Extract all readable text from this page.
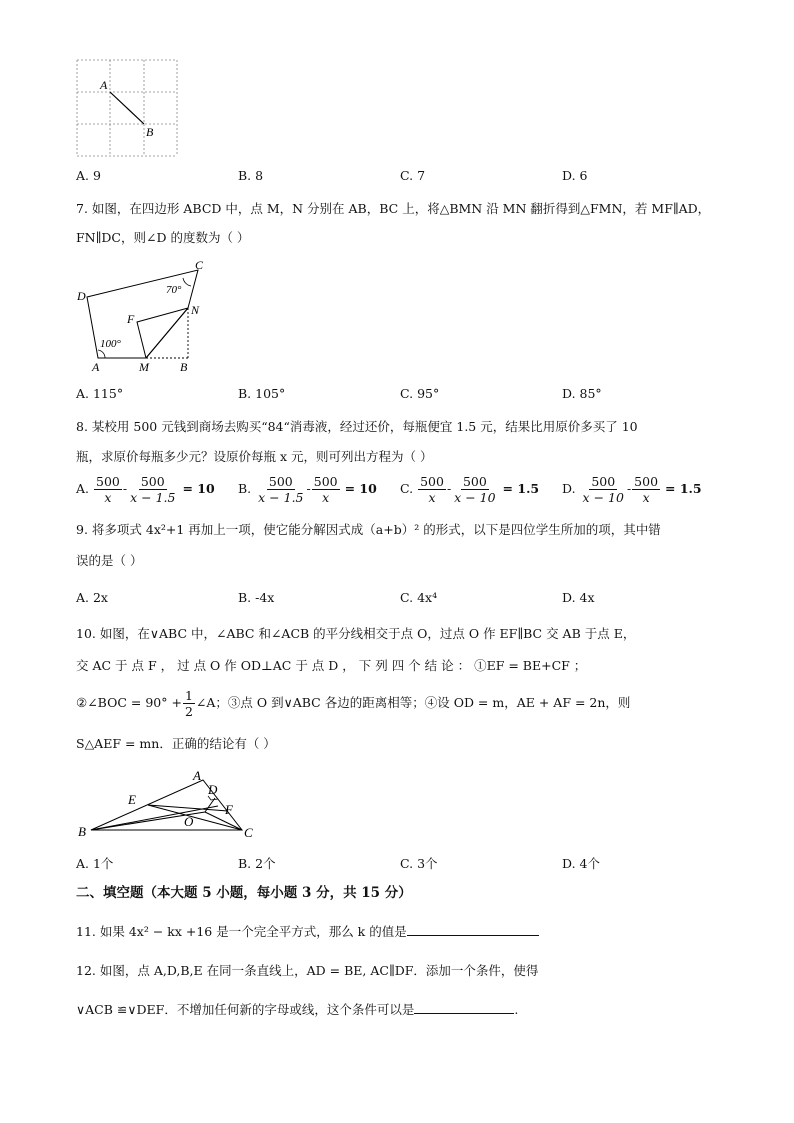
A
B
A. 9	B. 8	C. 7	D. 6
7. 如图，在四边形 ABCD 中，点 M，N 分别在 AB，BC 上，将△BMN 沿 MN 翻折得到△FMN，若 MF∥AD，
FN∥DC，则∠D 的度数为（ ）
D
C
N
F
A	M	B
100°
70°
A. 115°	B. 105°	C. 95°	D. 85°
8. 某校用 500 元钱到商场去购买“84“消毒液，经过还价，每瓶便宜 1.5 元，结果比用原价多买了 10
瓶，求原价每瓶多少元？设原价每瓶 x 元，则可列出方程为（ ）
A. $\frac{500}{x} - \frac{500}{x - 1.5} = 10$ B. $\frac{500}{x - 1.5} - \frac{500}{x} = 10$ C. $\frac{500}{x} - \frac{500}{x - 10} = 1.5$ D. $\frac{500}{x - 10} - \frac{500}{x} = 1.5$
9. 将多项式 4x²+1 再加上一项，使它能分解因式成（a+b）² 的形式，以下是四位学生所加的项，其中错
误的是（ ）
A. 2x	B. -4x	C. 4x⁴	D. 4x
10. 如图，在∨ABC 中，∠ABC 和∠ACB 的平分线相交于点 O，过点 O 作 EF∥BC 交 AB 于点 E，
交 AC 于 点 F ， 过 点 O 作 OD⊥AC 于 点 D ， 下 列 四 个 结 论 ： ①EF = BE+CF ；
②∠BOC = $90^\circ + \frac{1}{2}$ ∠A；③点 O 到∨ABC 各边的距离相等；④设 OD = m，AE + AF = 2n，则
S△AEF = mn．正确的结论有（ ）
B	C
A
D
E
F
O
A. 1个	B. 2个	C. 3个	D. 4个
二、填空题（本大题 5 小题，每小题 3 分，共 15 分）
11. 如果 4x² − kx +16 是一个完全平方式，那么 k 的值是
12. 如图，点 A,D,B,E 在同一条直线上，AD = BE, AC∥DF．添加一个条件，使得
∨ACB ≌∨DEF．不增加任何新的字母或线，这个条件可以是	.
